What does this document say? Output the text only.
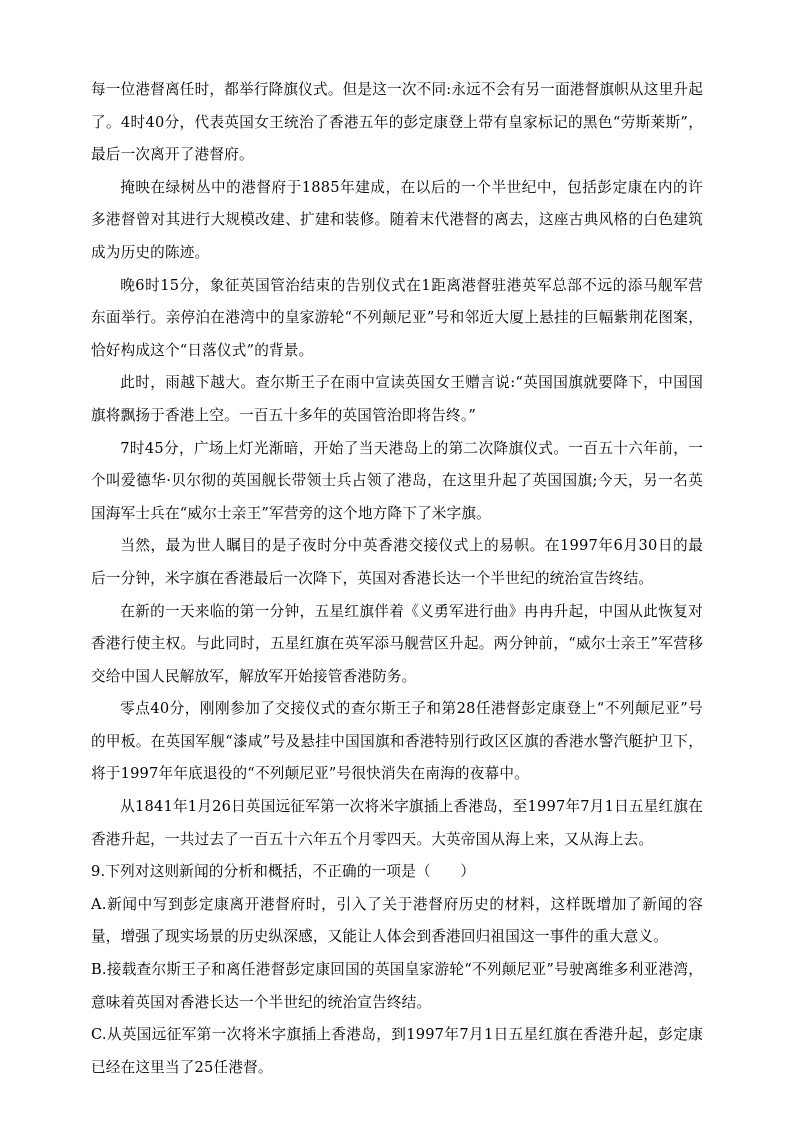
每一位港督离任时，都举行降旗仪式。但是这一次不同:永远不会有另一面港督旗帜从这里升起了。4时40分，代表英国女王统治了香港五年的彭定康登上带有皇家标记的黑色“劳斯莱斯”，最后一次离开了港督府。

掩映在绿树丛中的港督府于1885年建成，在以后的一个半世纪中，包括彭定康在内的许多港督曾对其进行大规模改建、扩建和装修。随着末代港督的离去，这座古典风格的白色建筑成为历史的陈迹。

晚6时15分，象征英国管治结束的告别仪式在1距离港督驻港英军总部不远的添马舰军营东面举行。亲停泊在港湾中的皇家游轮“不列颠尼亚”号和邻近大厦上悬挂的巨幅紫荆花图案，恰好构成这个“日落仪式”的背景。

此时，雨越下越大。查尔斯王子在雨中宣读英国女王赠言说:“英国国旗就要降下，中国国旗将飘扬于香港上空。一百五十多年的英国管治即将告终。”

7时45分，广场上灯光渐暗，开始了当天港岛上的第二次降旗仪式。一百五十六年前，一个叫爱德华·贝尔彻的英国舰长带领士兵占领了港岛，在这里升起了英国国旗;今天，另一名英国海军士兵在“威尔士亲王”军营旁的这个地方降下了米字旗。

当然，最为世人瞩目的是子夜时分中英香港交接仪式上的易帜。在1997年6月30日的最后一分钟，米字旗在香港最后一次降下，英国对香港长达一个半世纪的统治宣告终结。

在新的一天来临的第一分钟，五星红旗伴着《义勇军进行曲》冉冉升起，中国从此恢复对香港行使主权。与此同时，五星红旗在英军添马舰营区升起。两分钟前，“威尔士亲王”军营移交给中国人民解放军，解放军开始接管香港防务。

零点40分，刚刚参加了交接仪式的查尔斯王子和第28任港督彭定康登上“不列颠尼亚”号的甲板。在英国军舰“漆咸”号及悬挂中国国旗和香港特别行政区区旗的香港水警汽艇护卫下，将于1997年年底退役的“不列颠尼亚”号很快消失在南海的夜幕中。

从1841年1月26日英国远征军第一次将米字旗插上香港岛，至1997年7月1日五星红旗在香港升起，一共过去了一百五十六年五个月零四天。大英帝国从海上来，又从海上去。

9.下列对这则新闻的分析和概括，不正确的一项是（　　）

A.新闻中写到彭定康离开港督府时，引入了关于港督府历史的材料，这样既增加了新闻的容量，增强了现实场景的历史纵深感，又能让人体会到香港回归祖国这一事件的重大意义。

B.接载查尔斯王子和离任港督彭定康回国的英国皇家游轮“不列颠尼亚”号驶离维多利亚港湾，意味着英国对香港长达一个半世纪的统治宣告终结。

C.从英国远征军第一次将米字旗插上香港岛，到1997年7月1日五星红旗在香港升起，彭定康已经在这里当了25任港督。
